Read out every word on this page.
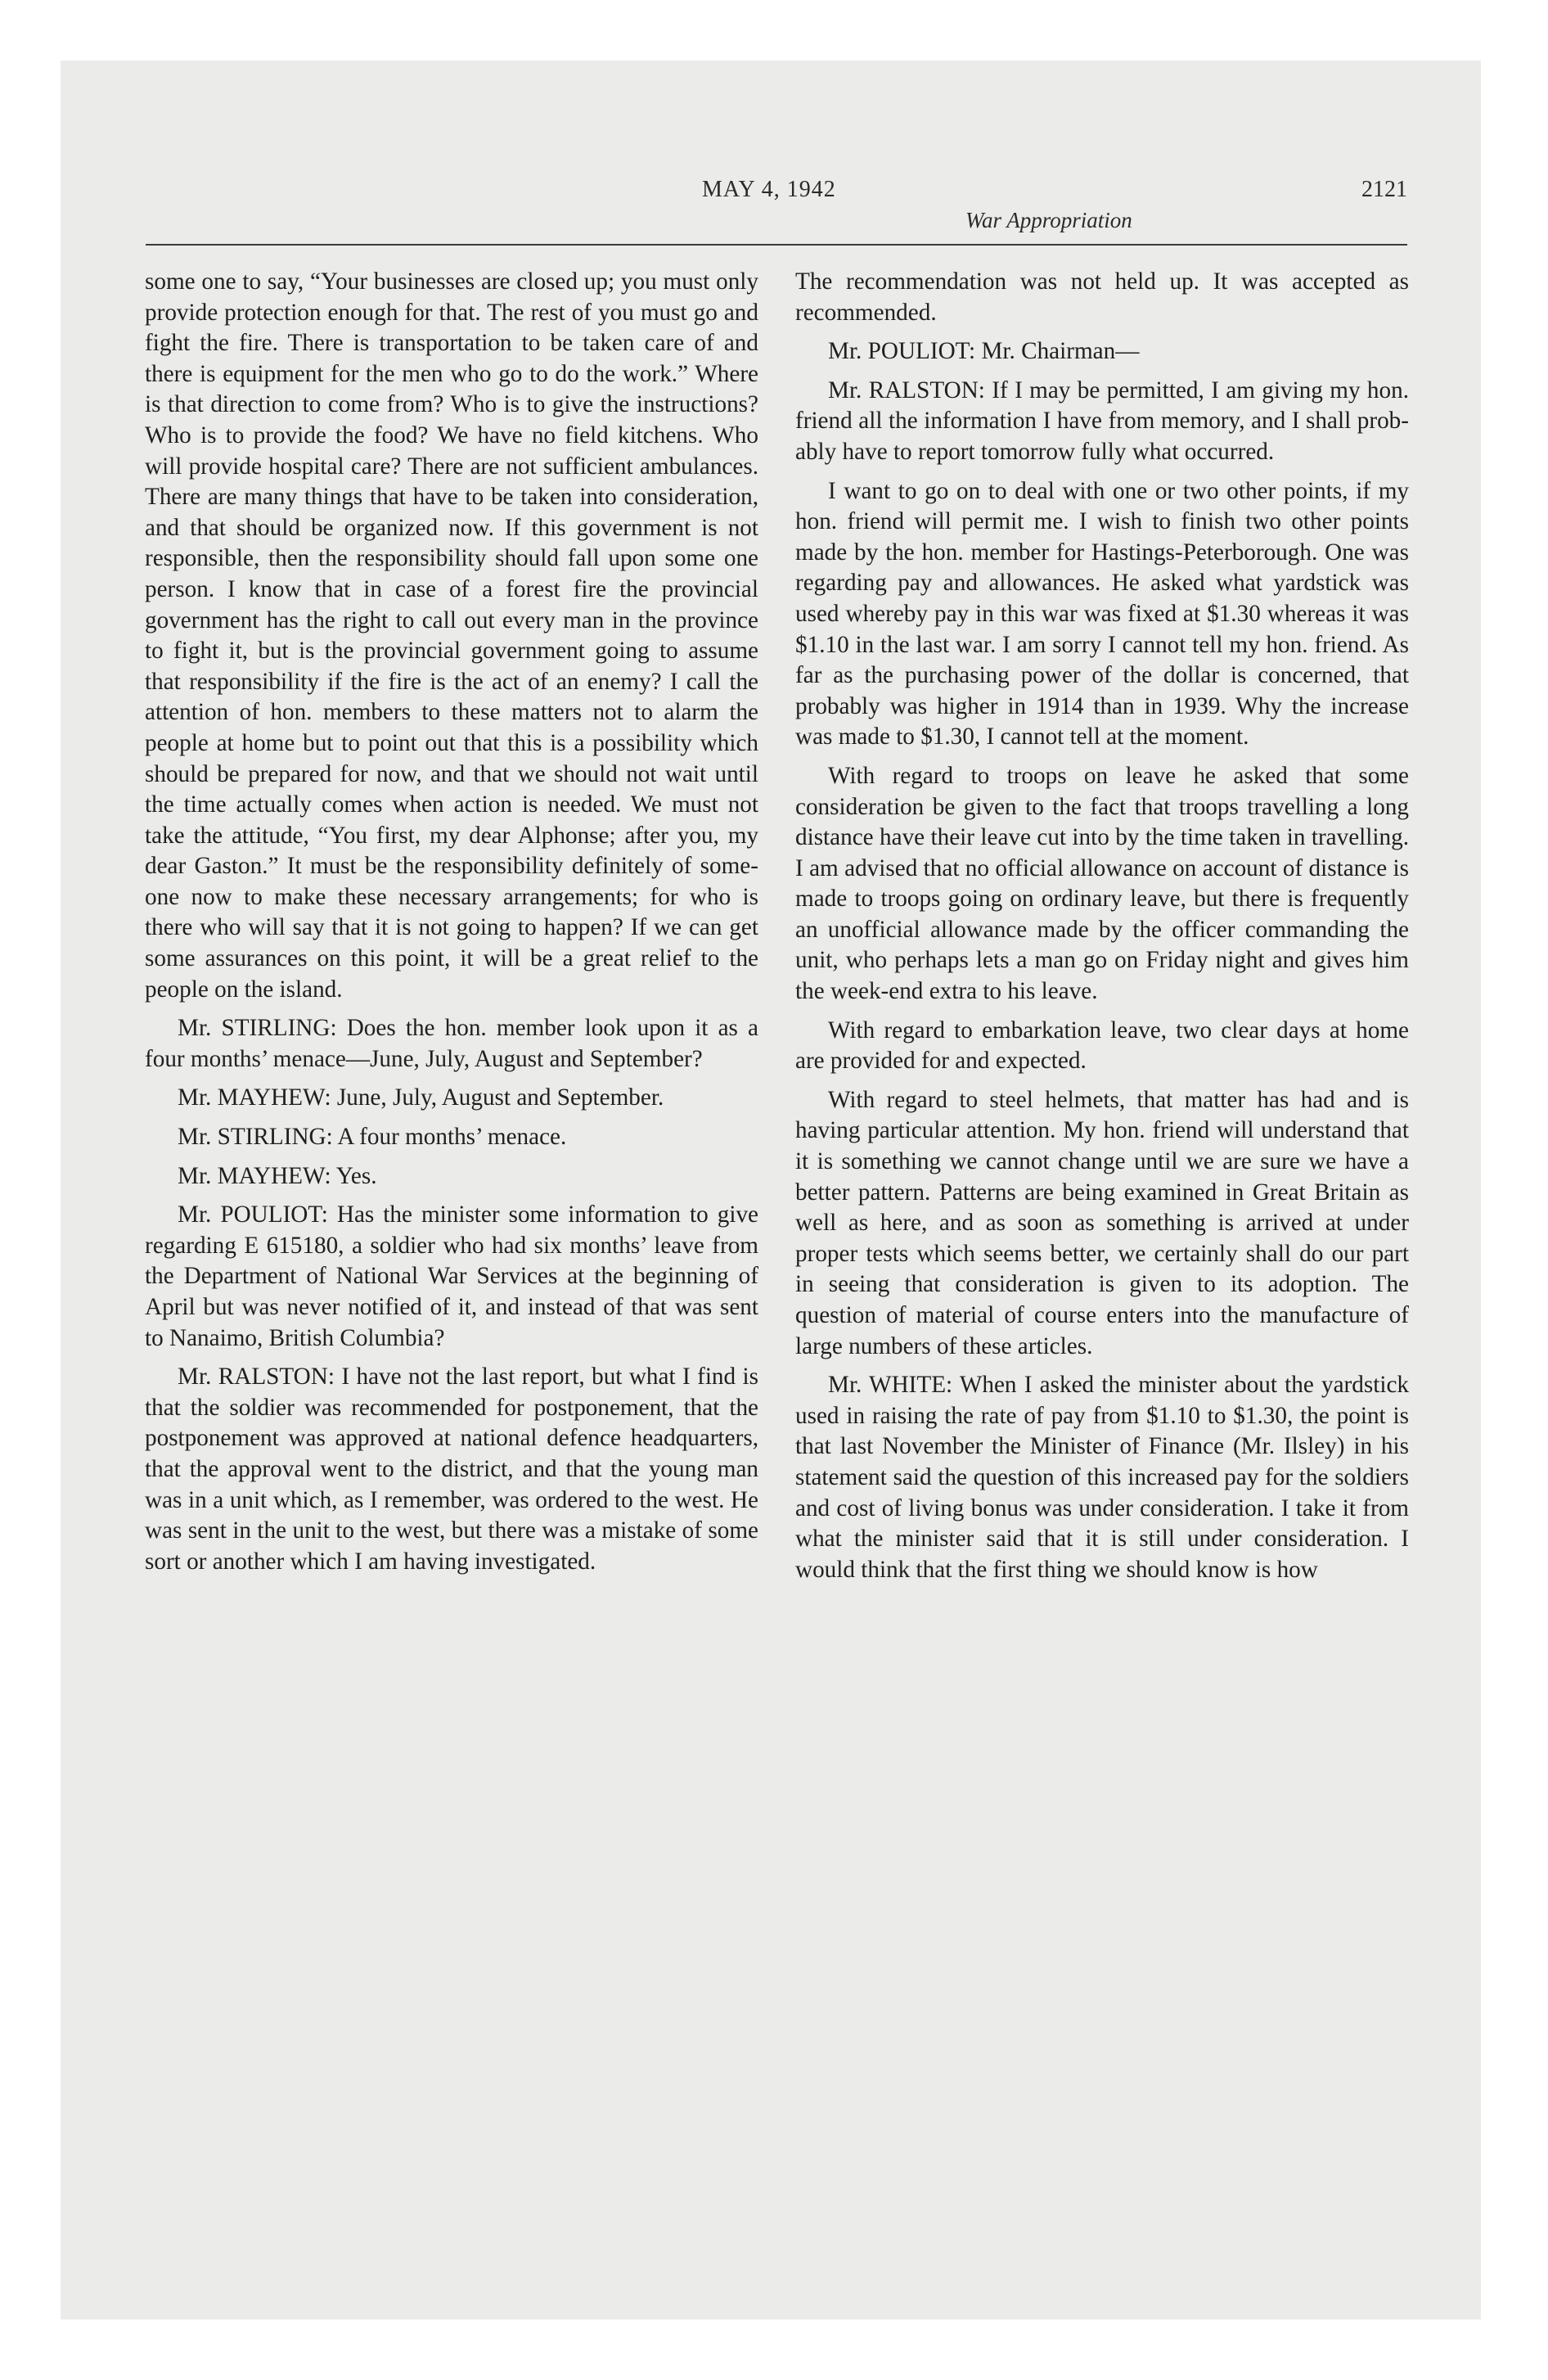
MAY 4, 1942
War Appropriation
2121

some one to say, “Your businesses are closed up; you must only provide protection enough for that. The rest of you must go and fight the fire. There is transportation to be taken care of and there is equipment for the men who go to do the work.” Where is that direction to come from? Who is to give the instructions? Who is to provide the food? We have no field kitchens. Who will provide hospital care? There are not sufficient ambulances. There are many things that have to be taken into consideration, and that should be organized now. If this government is not responsible, then the responsibility should fall upon some one person. I know that in case of a forest fire the provincial government has the right to call out every man in the province to fight it, but is the provincial government going to assume that responsibility if the fire is the act of an enemy? I call the attention of hon. members to these matters not to alarm the people at home but to point out that this is a possibility which should be prepared for now, and that we should not wait until the time actually comes when action is needed. We must not take the attitude, “You first, my dear Alphonse; after you, my dear Gaston.” It must be the responsibility definitely of someone now to make these necessary arrangements; for who is there who will say that it is not going to happen? If we can get some assurances on this point, it will be a great relief to the people on the island.

Mr. STIRLING: Does the hon. member look upon it as a four months’ menace—June, July, August and September?

Mr. MAYHEW: June, July, August and September.

Mr. STIRLING: A four months’ menace.

Mr. MAYHEW: Yes.

Mr. POULIOT: Has the minister some information to give regarding E 615180, a soldier who had six months’ leave from the Department of National War Services at the beginning of April but was never notified of it, and instead of that was sent to Nanaimo, British Columbia?

Mr. RALSTON: I have not the last report, but what I find is that the soldier was recommended for postponement, that the postponement was approved at national defence headquarters, that the approval went to the district, and that the young man was in a unit which, as I remember, was ordered to the west. He was sent in the unit to the west, but there was a mistake of some sort or another which I am having investigated.

The recommendation was not held up. It was accepted as recommended.

Mr. POULIOT: Mr. Chairman—

Mr. RALSTON: If I may be permitted, I am giving my hon. friend all the information I have from memory, and I shall probably have to report tomorrow fully what occurred.

I want to go on to deal with one or two other points, if my hon. friend will permit me. I wish to finish two other points made by the hon. member for Hastings-Peterborough. One was regarding pay and allowances. He asked what yardstick was used whereby pay in this war was fixed at $1.30 whereas it was $1.10 in the last war. I am sorry I cannot tell my hon. friend. As far as the purchasing power of the dollar is concerned, that probably was higher in 1914 than in 1939. Why the increase was made to $1.30, I cannot tell at the moment.

With regard to troops on leave he asked that some consideration be given to the fact that troops travelling a long distance have their leave cut into by the time taken in travelling. I am advised that no official allowance on account of distance is made to troops going on ordinary leave, but there is frequently an unofficial allowance made by the officer commanding the unit, who perhaps lets a man go on Friday night and gives him the week-end extra to his leave.

With regard to embarkation leave, two clear days at home are provided for and expected.

With regard to steel helmets, that matter has had and is having particular attention. My hon. friend will understand that it is something we cannot change until we are sure we have a better pattern. Patterns are being examined in Great Britain as well as here, and as soon as something is arrived at under proper tests which seems better, we certainly shall do our part in seeing that consideration is given to its adoption. The question of material of course enters into the manufacture of large numbers of these articles.

Mr. WHITE: When I asked the minister about the yardstick used in raising the rate of pay from $1.10 to $1.30, the point is that last November the Minister of Finance (Mr. Ilsley) in his statement said the question of this increased pay for the soldiers and cost of living bonus was under consideration. I take it from what the minister said that it is still under consideration. I would think that the first thing we should know is how
